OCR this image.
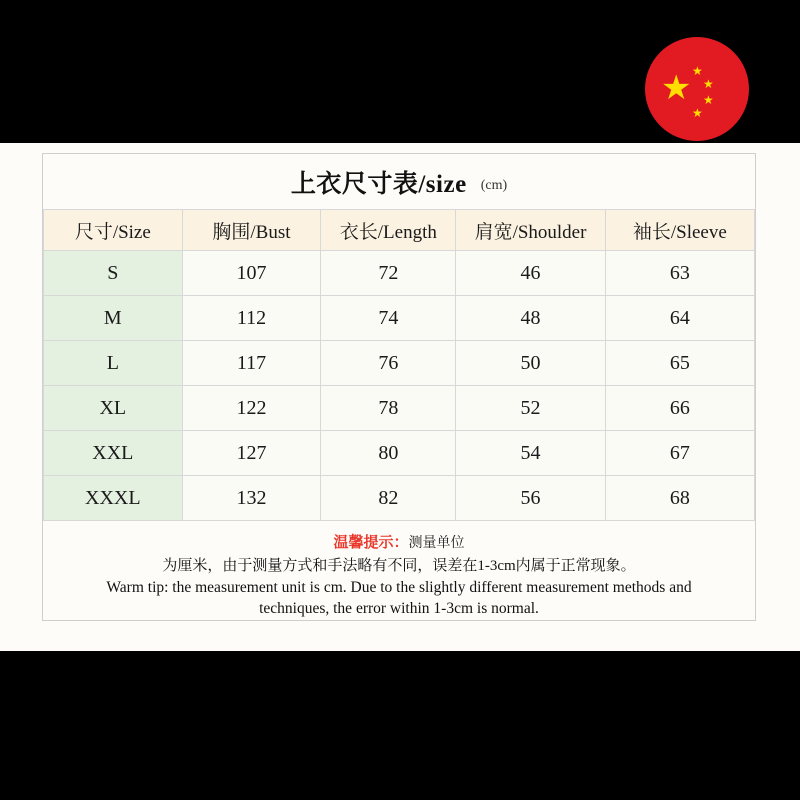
★ ★
★
★
★
上衣尺寸表/size (cm)
尺寸/Size	胸围/Bust	衣长/Length	肩宽/Shoulder	袖长/Sleeve
S	107	72	46	63
M	112	74	48	64
L	117	76	50	65
XL	122	78	52	66
XXL	127	80	54	67
XXXL	132	82	56	68
温馨提示：测量单位
为厘米，由于测量方式和手法略有不同，误差在1-3cm内属于正常现象。
Warm tip: the measurement unit is cm. Due to the slightly different measurement methods and
techniques, the error within 1-3cm is normal.
